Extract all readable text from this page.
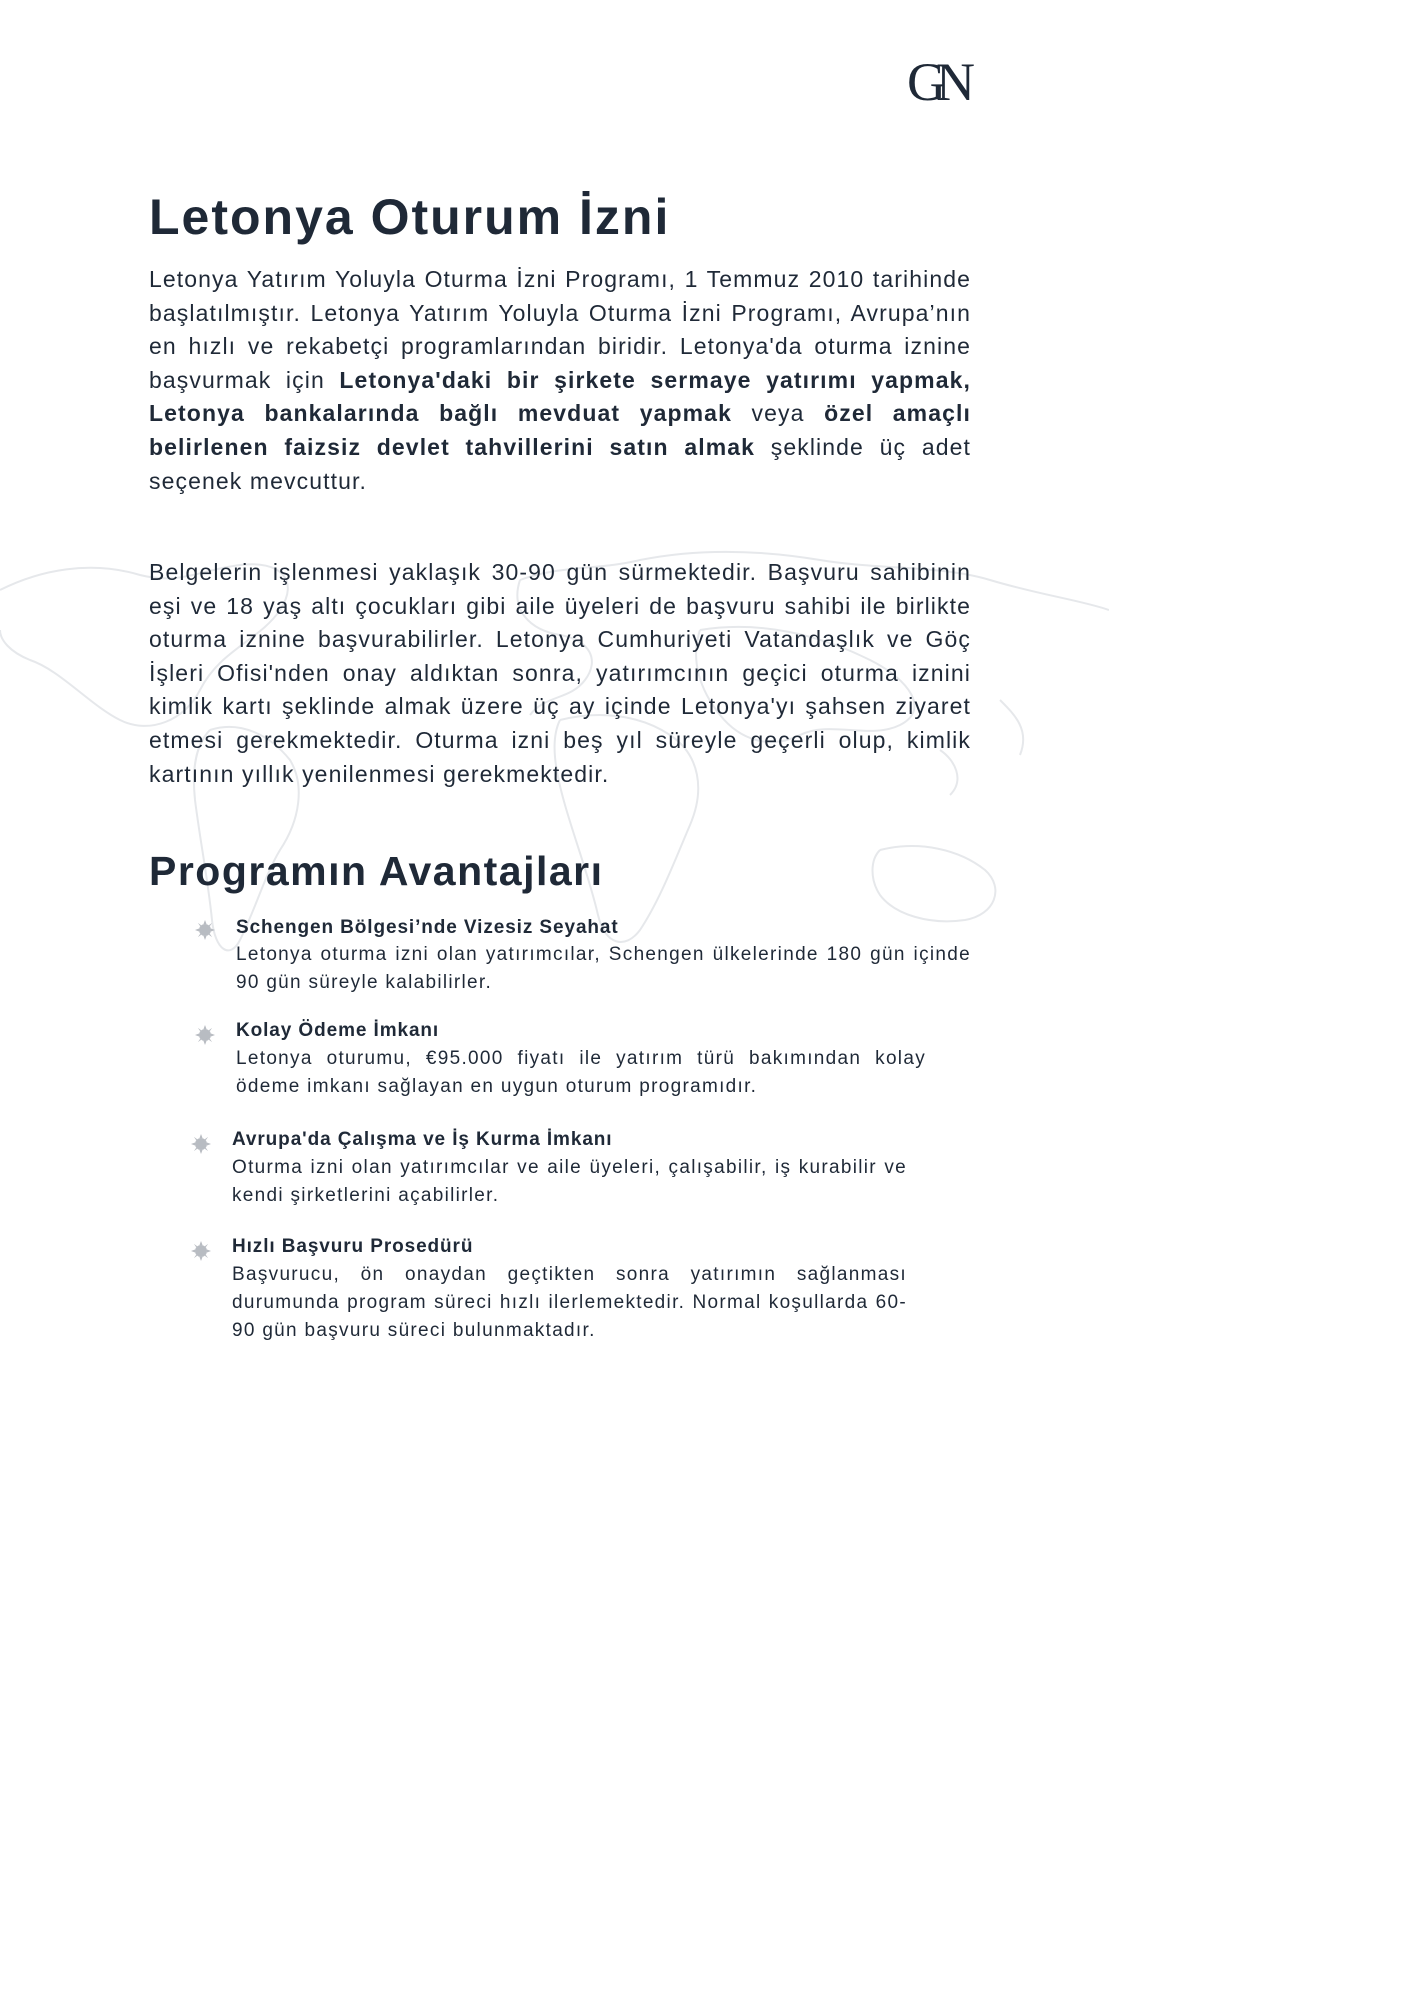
GN
Letonya Oturum İzni

Letonya Yatırım Yoluyla Oturma İzni Programı, 1 Temmuz 2010 tarihinde başlatılmıştır. Letonya Yatırım Yoluyla Oturma İzni Programı, Avrupa’nın en hızlı ve rekabetçi programlarından biridir. Letonya'da oturma iznine başvurmak için Letonya'daki bir şirkete sermaye yatırımı yapmak, Letonya bankalarında bağlı mevduat yapmak veya özel amaçlı belirlenen faizsiz devlet tahvillerini satın almak şeklinde üç adet seçenek mevcuttur.

Belgelerin işlenmesi yaklaşık 30-90 gün sürmektedir. Başvuru sahibinin eşi ve 18 yaş altı çocukları gibi aile üyeleri de başvuru sahibi ile birlikte oturma iznine başvurabilirler. Letonya Cumhuriyeti Vatandaşlık ve Göç İşleri Ofisi'nden onay aldıktan sonra, yatırımcının geçici oturma iznini kimlik kartı şeklinde almak üzere üç ay içinde Letonya'yı şahsen ziyaret etmesi gerekmektedir. Oturma izni beş yıl süreyle geçerli olup, kimlik kartının yıllık yenilenmesi gerekmektedir.

Programın Avantajları

Schengen Bölgesi’nde Vizesiz Seyahat

Letonya oturma izni olan yatırımcılar, Schengen ülkelerinde 180 gün içinde 90 gün süreyle kalabilirler.

Kolay Ödeme İmkanı

Letonya oturumu, €95.000 fiyatı ile yatırım türü bakımından kolay ödeme imkanı sağlayan en uygun oturum programıdır.

Avrupa'da Çalışma ve İş Kurma İmkanı

Oturma izni olan yatırımcılar ve aile üyeleri, çalışabilir, iş kurabilir ve kendi şirketlerini açabilirler.

Hızlı Başvuru Prosedürü

Başvurucu, ön onaydan geçtikten sonra yatırımın sağlanması durumunda program süreci hızlı ilerlemektedir. Normal koşullarda 60-90 gün başvuru süreci bulunmaktadır.
